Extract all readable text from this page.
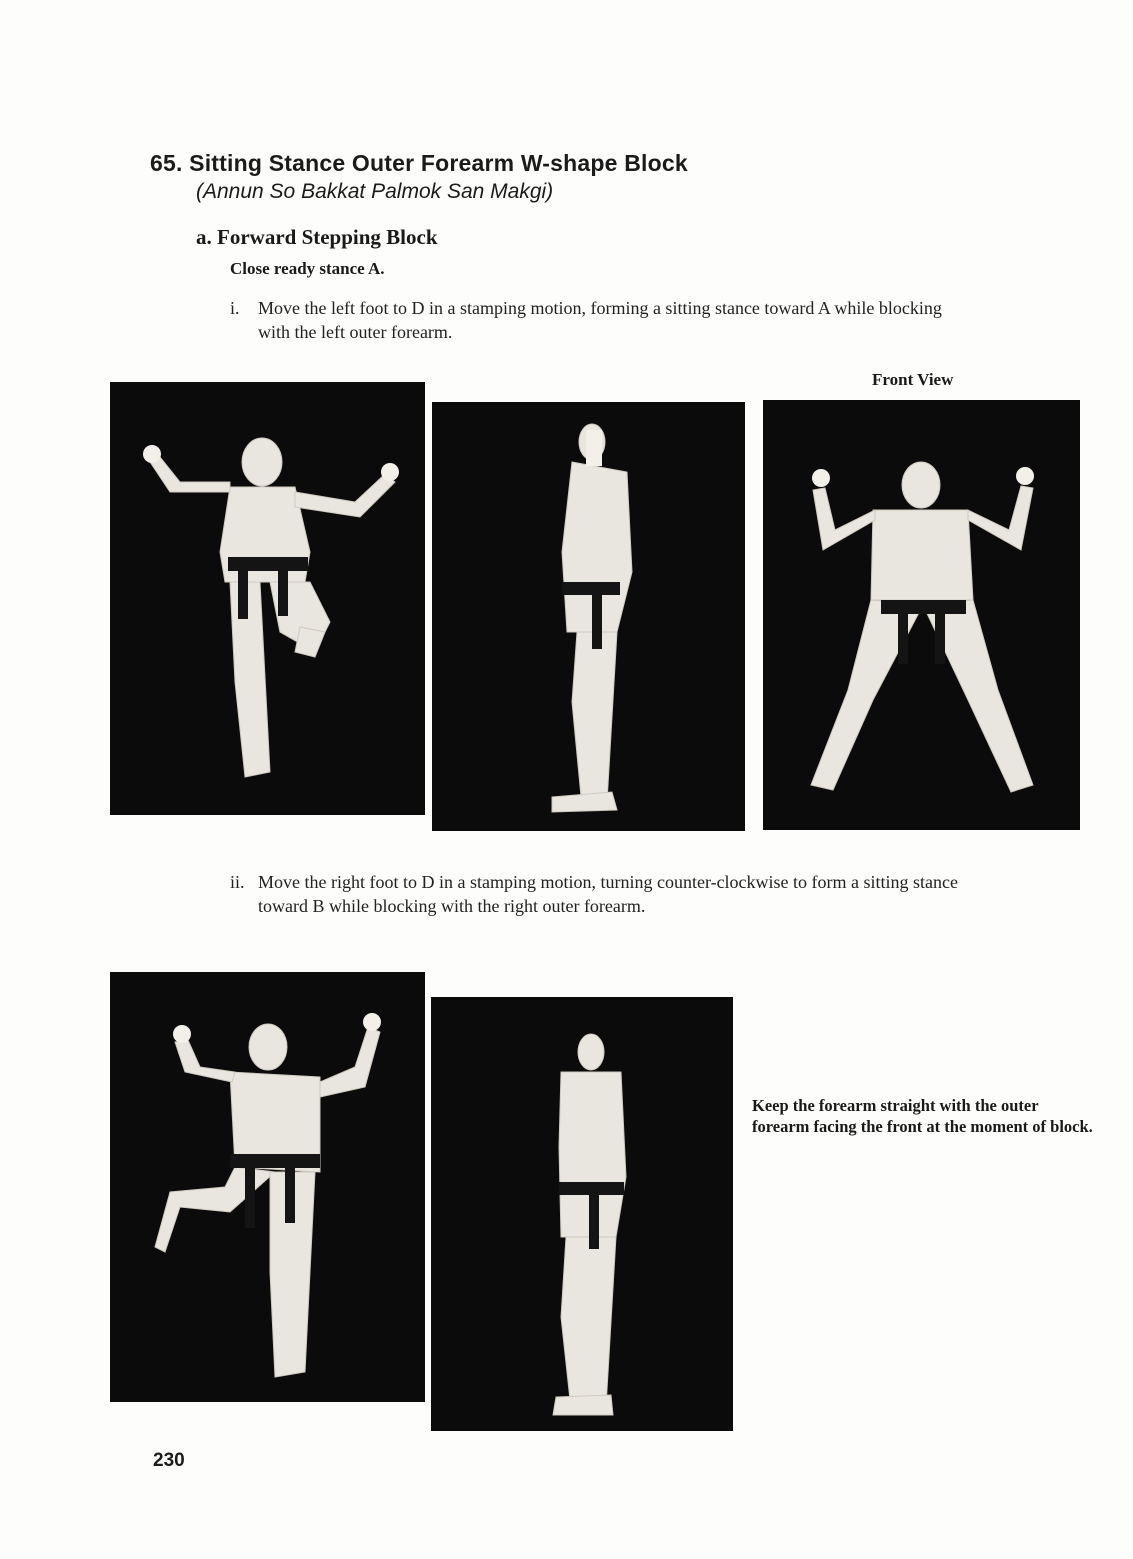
65. Sitting Stance Outer Forearm W-shape Block
(Annun So Bakkat Palmok San Makgi)
a. Forward Stepping Block
Close ready stance A.
i.	Move the left foot to D in a stamping motion, forming a sitting stance toward A while blocking with the left outer forearm.
Front View
ii. Move the right foot to D in a stamping motion, turning counter-clockwise to form a sitting stance toward B while blocking with the right outer forearm.
Keep the forearm straight with the outer forearm facing the front at the moment of block.
230
